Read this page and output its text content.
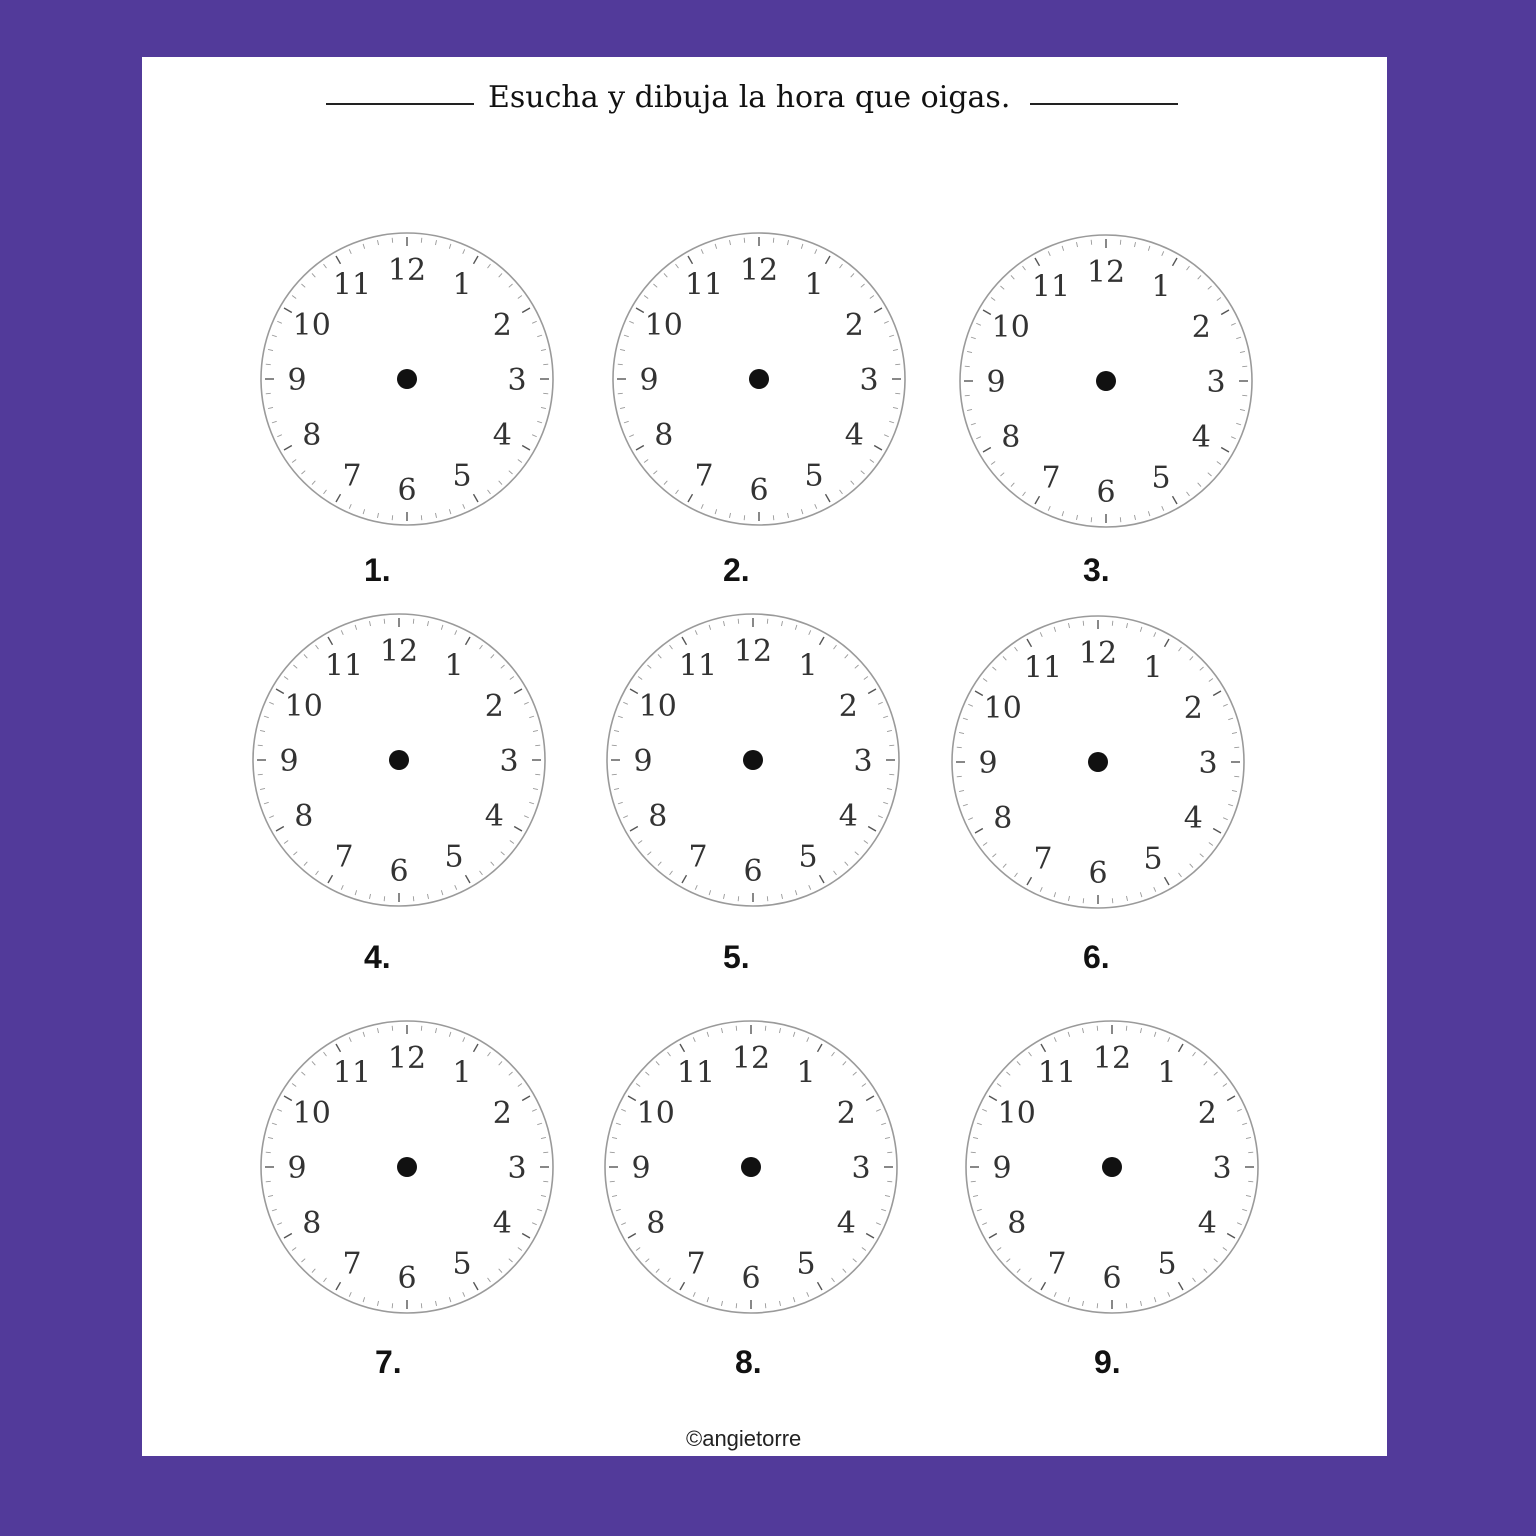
Esucha y dibuja la hora que oigas.
12 1
2
3
4
5
6
7
8
9
10
11	12 1
2
3
4
5
6
7
8
9
10
11	12 1
2
3
4
5
6
7
8
9
10
11
12 1
2
3
4
5
6
7
8
9
10
11	12 1
2
3
4
5
6
7
8
9
10
11	12 1
2
3
4
5
6
7
8
9
10
11
12 1
2
3
4
5
6
7
8
9
10
11	12 1
2
3
4
5
6
7
8
9
10
11	12 1
2
3
4
5
6
7
8
9
10
11
1.	2.	3.
4.	5.	6.
7.	8.	9.
©angietorre
